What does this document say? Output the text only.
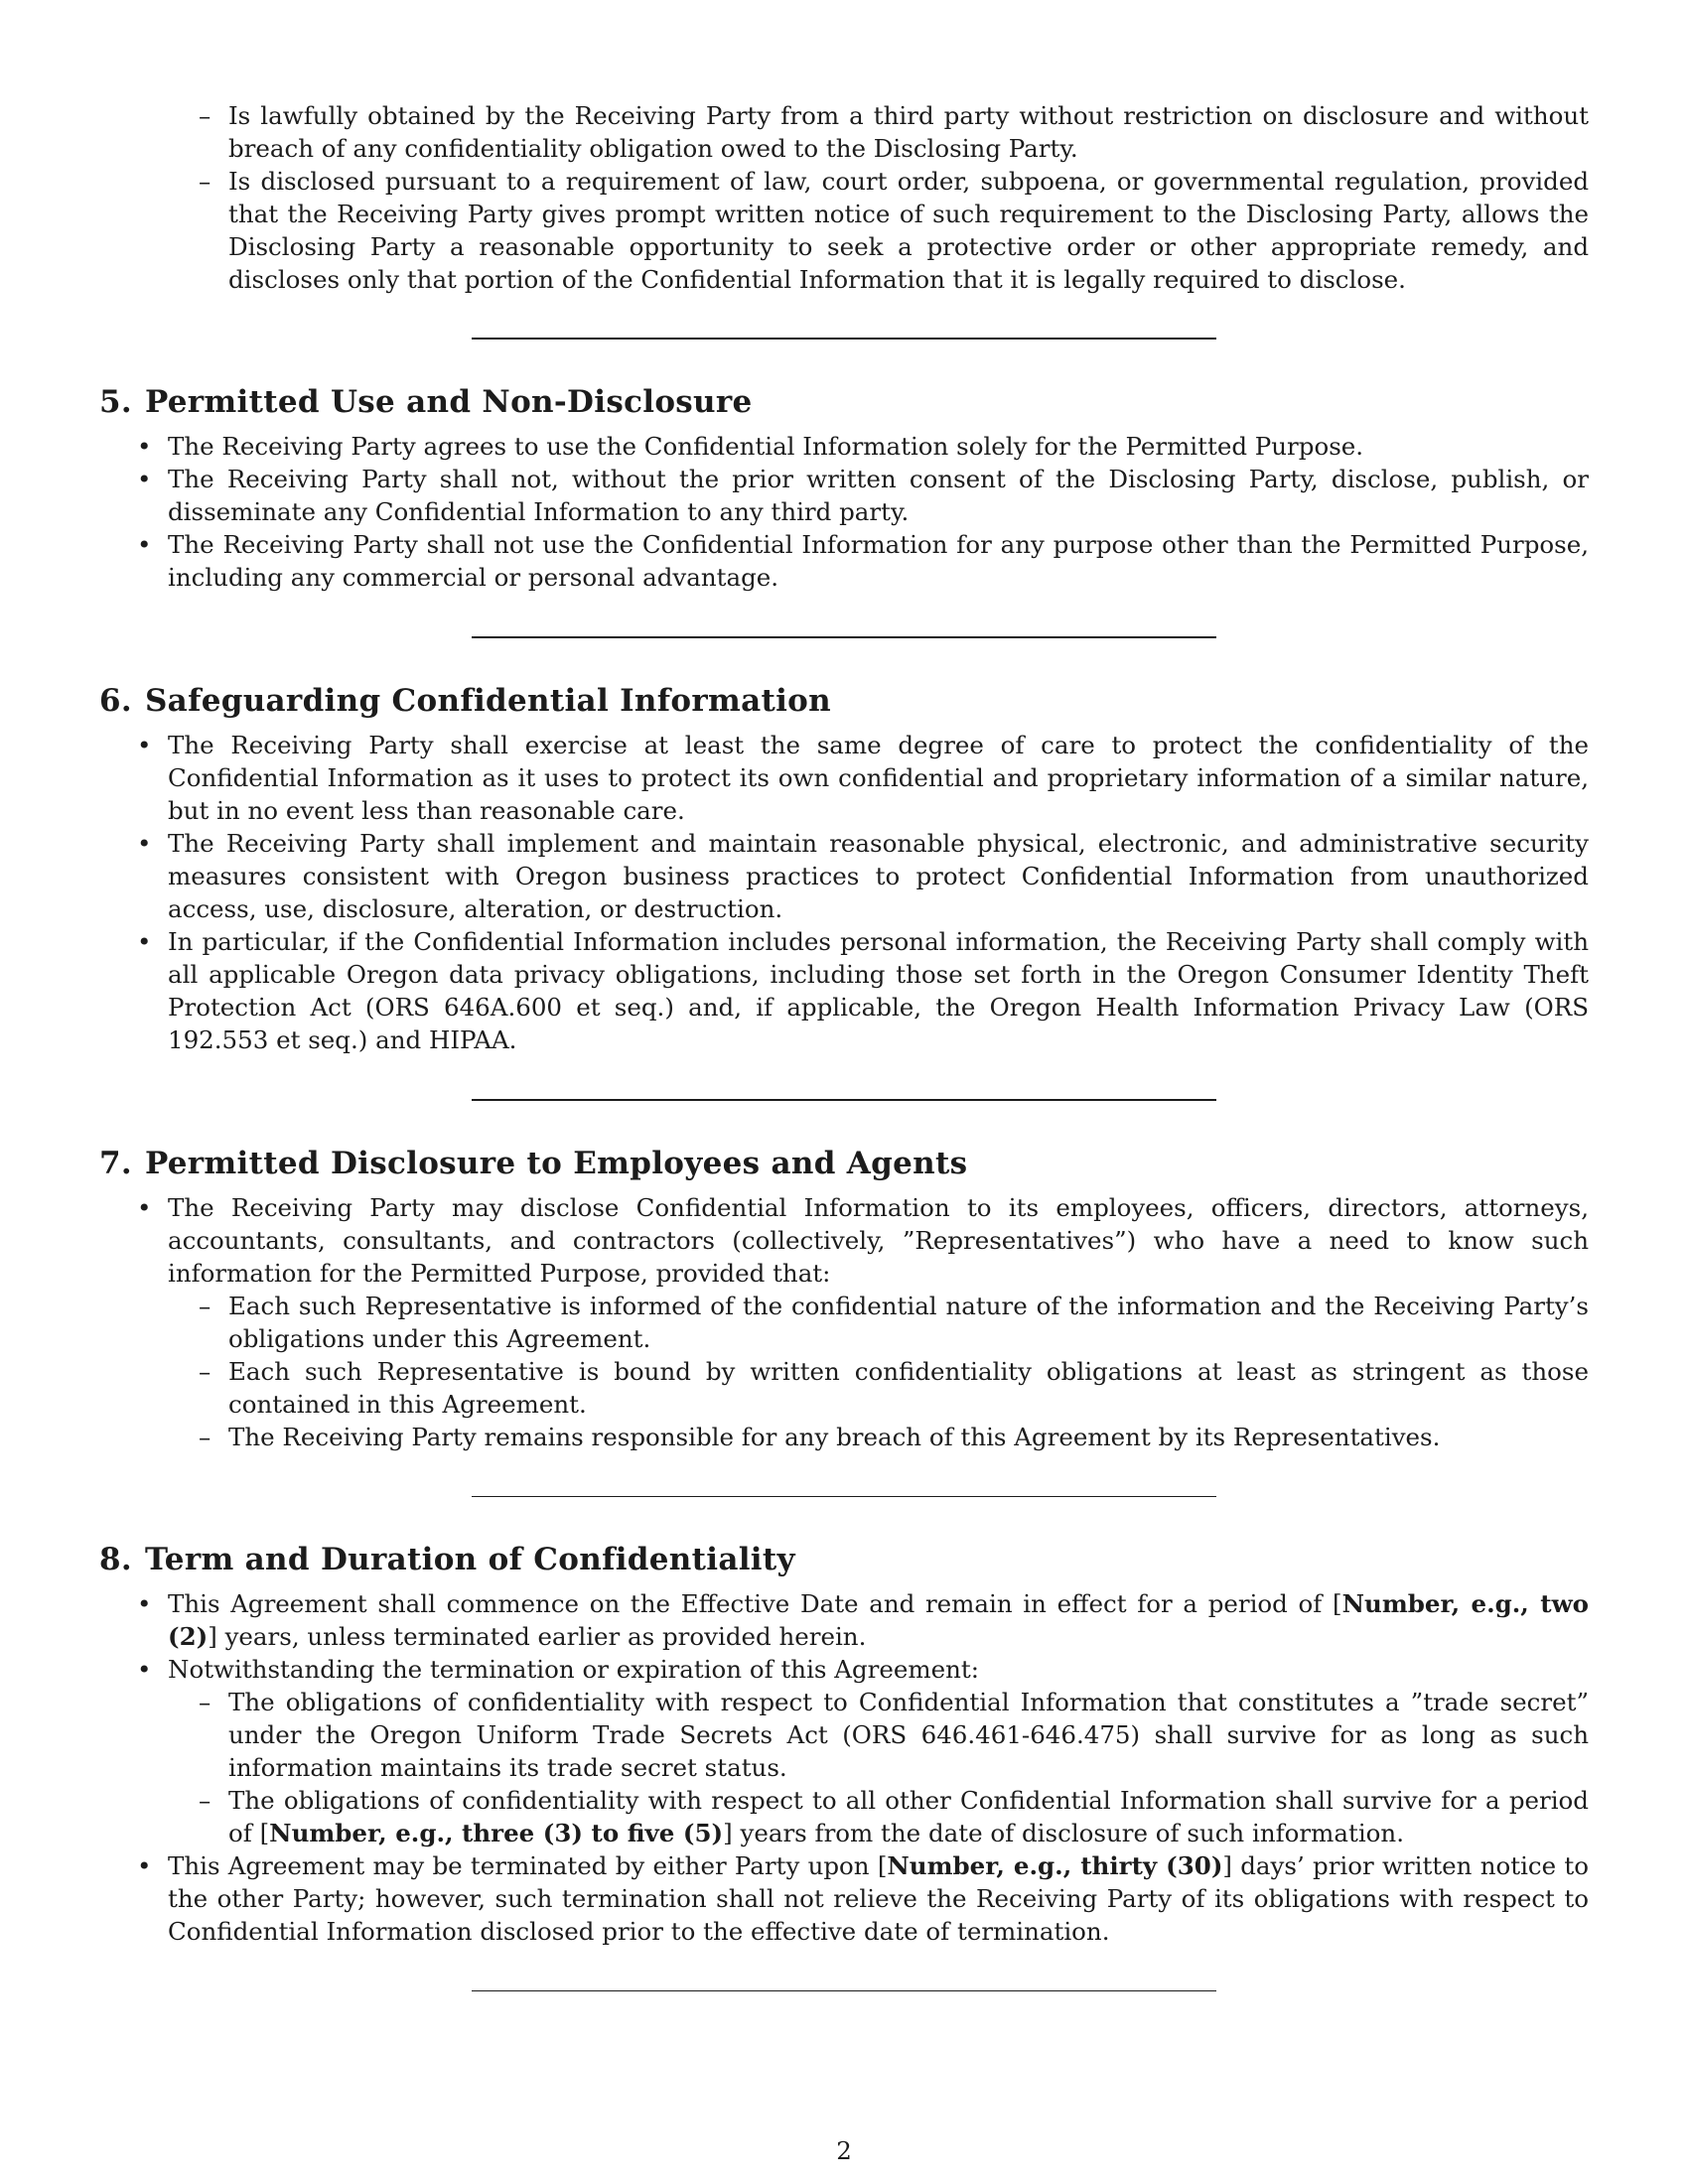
– Is lawfully obtained by the Receiving Party from a third party without restriction on disclosure and without breach of any confidentiality obligation owed to the Disclosing Party.
– Is disclosed pursuant to a requirement of law, court order, subpoena, or governmental regulation, provided that the Receiving Party gives prompt written notice of such requirement to the Disclosing Party, allows the Disclosing Party a reasonable opportunity to seek a protective order or other appropriate remedy, and discloses only that portion of the Confidential Information that it is legally required to disclose.
5. Permitted Use and Non-Disclosure
• The Receiving Party agrees to use the Confidential Information solely for the Permitted Purpose.
• The Receiving Party shall not, without the prior written consent of the Disclosing Party, disclose, publish, or disseminate any Confidential Information to any third party.
• The Receiving Party shall not use the Confidential Information for any purpose other than the Permitted Purpose, including any commercial or personal advantage.
6. Safeguarding Confidential Information
• The Receiving Party shall exercise at least the same degree of care to protect the confidentiality of the Confidential Information as it uses to protect its own confidential and proprietary information of a similar nature, but in no event less than reasonable care.
• The Receiving Party shall implement and maintain reasonable physical, electronic, and administrative security measures consistent with Oregon business practices to protect Confidential Information from unauthorized access, use, disclosure, alteration, or destruction.
• In particular, if the Confidential Information includes personal information, the Receiving Party shall comply with all applicable Oregon data privacy obligations, including those set forth in the Oregon Consumer Identity Theft Protection Act (ORS 646A.600 et seq.) and, if applicable, the Oregon Health Information Privacy Law (ORS 192.553 et seq.) and HIPAA.
7. Permitted Disclosure to Employees and Agents
• The Receiving Party may disclose Confidential Information to its employees, officers, directors, attorneys, accountants, consultants, and contractors (collectively, ”Representatives”) who have a need to know such information for the Permitted Purpose, provided that:
– Each such Representative is informed of the confidential nature of the information and the Receiving Party’s obligations under this Agreement.
– Each such Representative is bound by written confidentiality obligations at least as stringent as those contained in this Agreement.
– The Receiving Party remains responsible for any breach of this Agreement by its Representatives.
8. Term and Duration of Confidentiality
• This Agreement shall commence on the Effective Date and remain in effect for a period of [Number, e.g., two (2)] years, unless terminated earlier as provided herein.
• Notwithstanding the termination or expiration of this Agreement:
– The obligations of confidentiality with respect to Confidential Information that constitutes a ”trade secret” under the Oregon Uniform Trade Secrets Act (ORS 646.461-646.475) shall survive for as long as such information maintains its trade secret status.
– The obligations of confidentiality with respect to all other Confidential Information shall survive for a period of [Number, e.g., three (3) to five (5)] years from the date of disclosure of such information.
• This Agreement may be terminated by either Party upon [Number, e.g., thirty (30)] days’ prior written notice to the other Party; however, such termination shall not relieve the Receiving Party of its obligations with respect to Confidential Information disclosed prior to the effective date of termination.
2
